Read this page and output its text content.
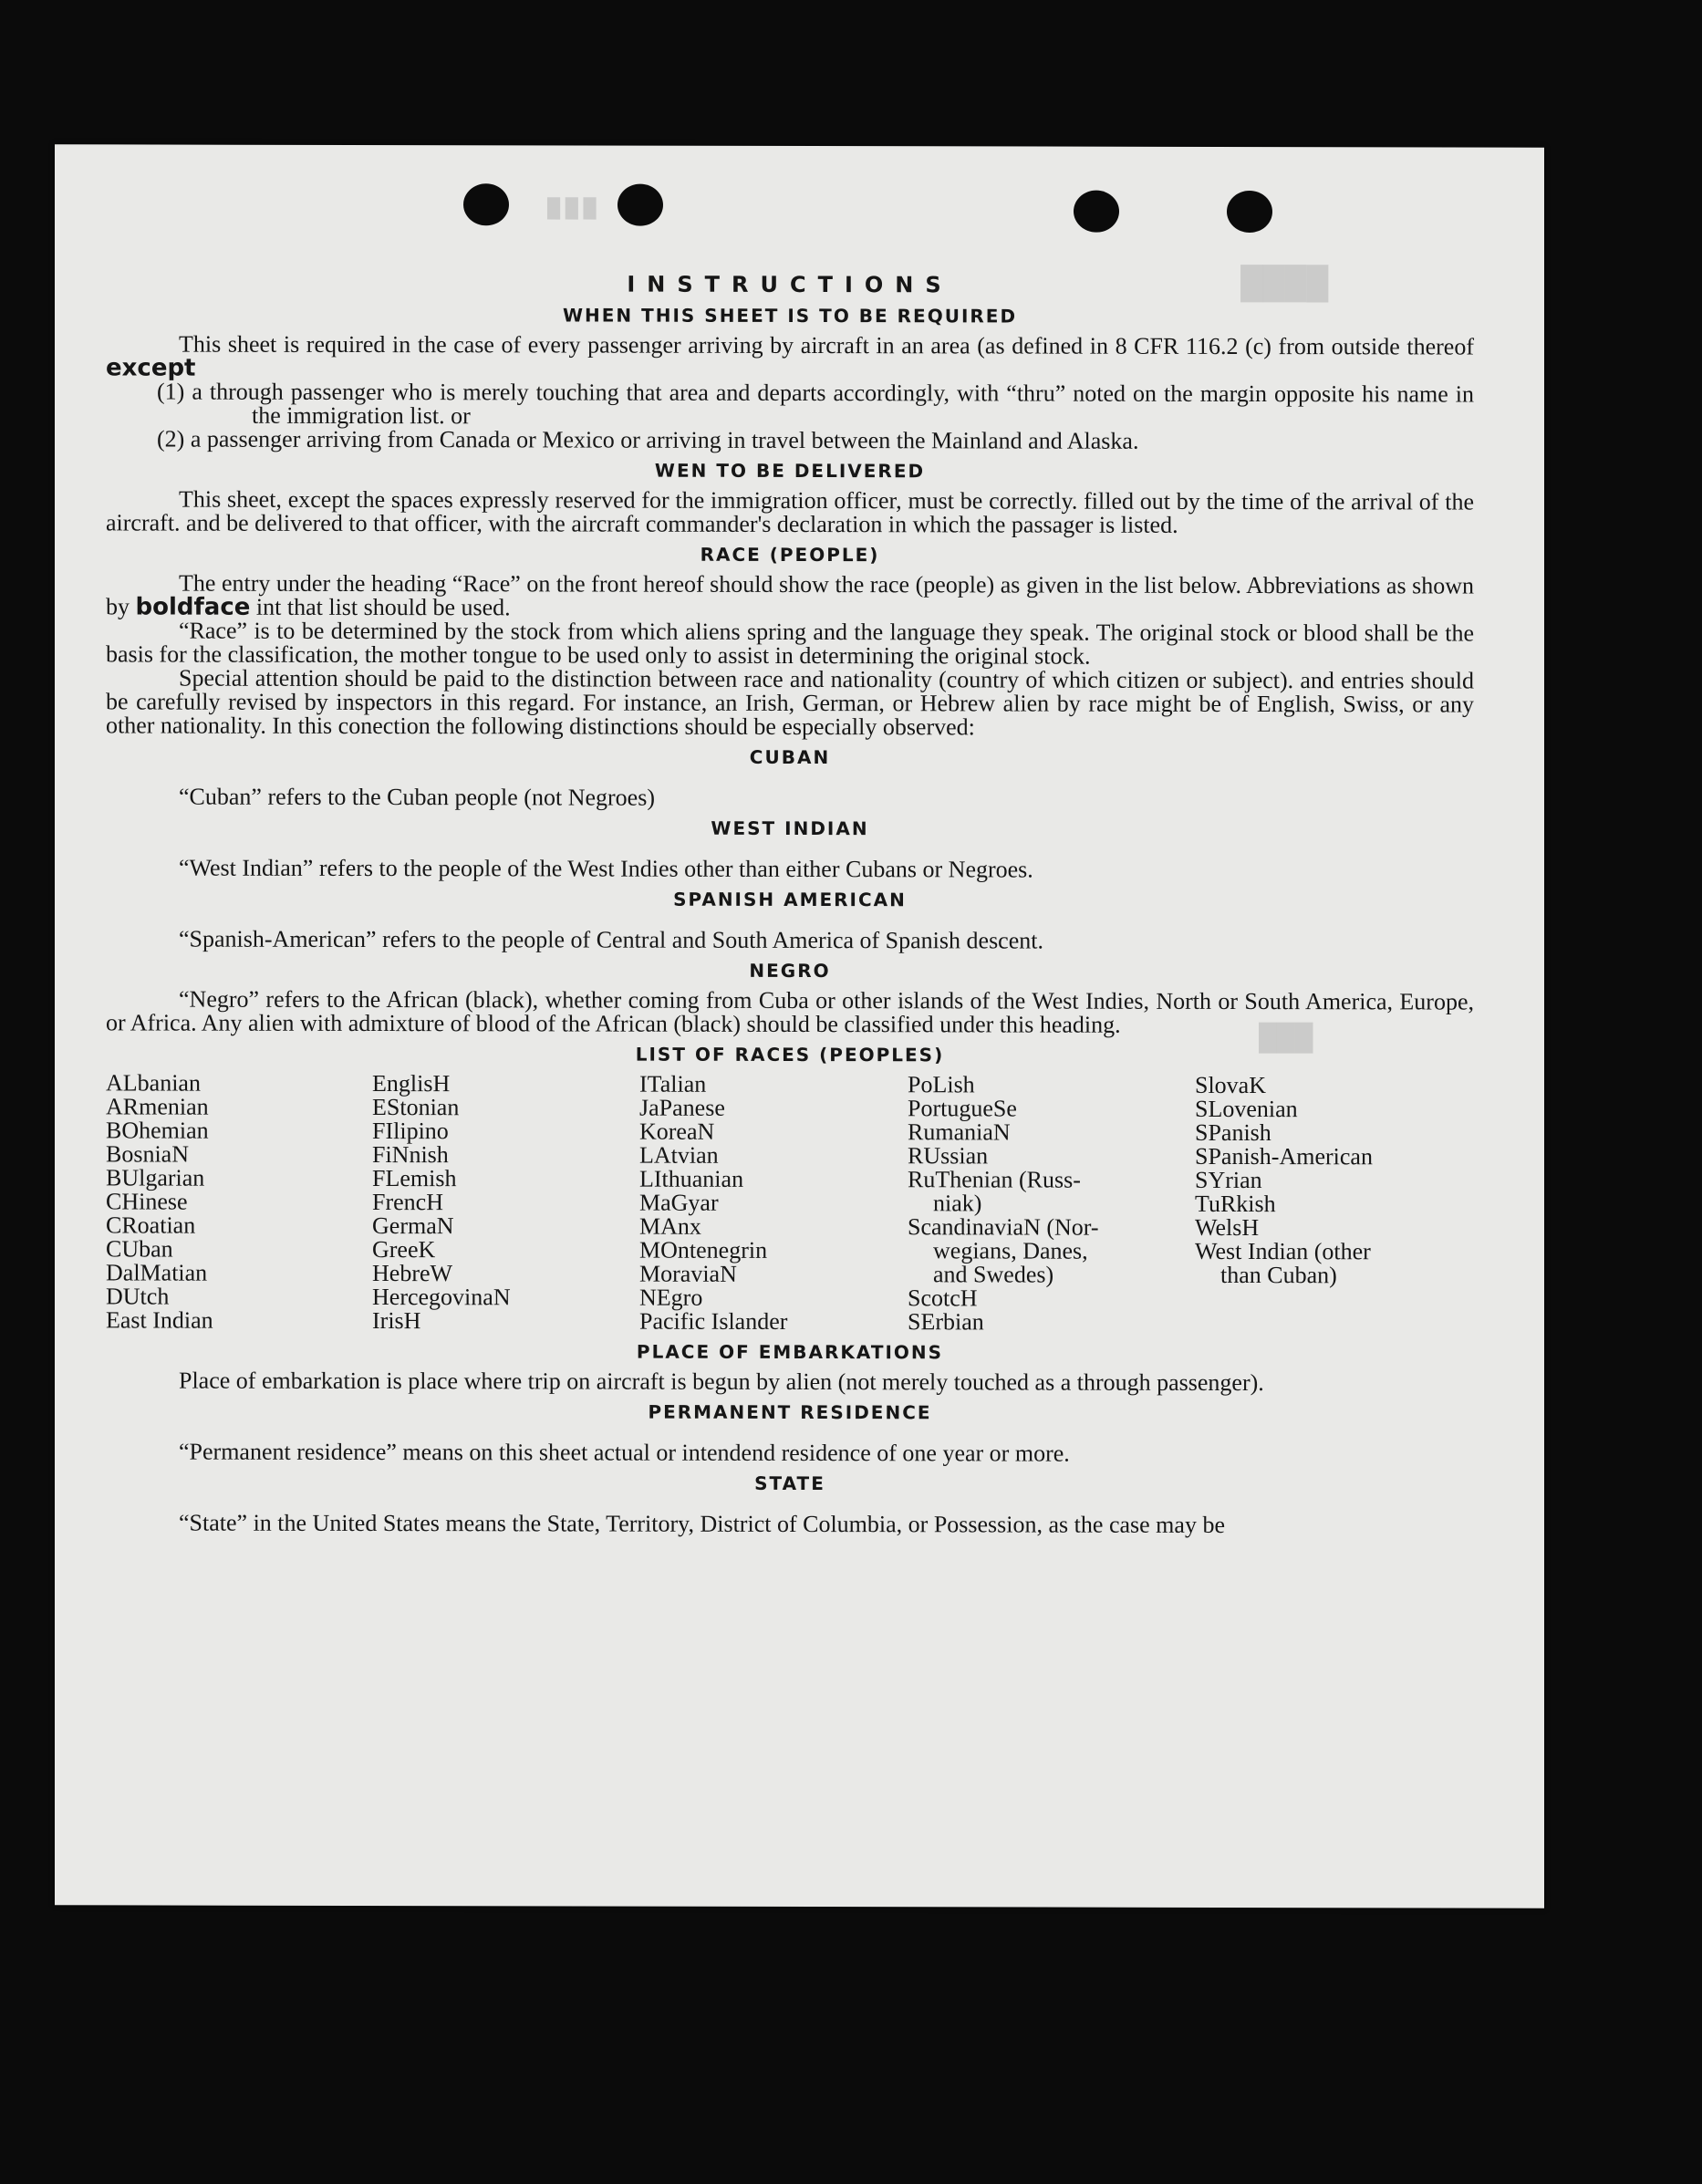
█ █ █
████
███
INSTRUCTIONS
WHEN THIS SHEET IS TO BE REQUIRED

This sheet is required in the case of every passenger arriving by aircraft in an area (as defined in 8 CFR 116.2 (c) from outside thereof except

(1) a through passenger who is merely touching that area and departs accordingly, with “thru” noted on the margin opposite his name in the immigration list. or

(2) a passenger arriving from Canada or Mexico or arriving in travel between the Mainland and Alaska.

WEN TO BE DELIVERED

This sheet, except the spaces expressly reserved for the immigration officer, must be correctly. filled out by the time of the arrival of the aircraft. and be delivered to that officer, with the aircraft commander's declaration in which the passager is listed.

RACE (PEOPLE)

The entry under the heading “Race” on the front hereof should show the race (people) as given in the list below. Abbreviations as shown by boldface int that list should be used.

“Race” is to be determined by the stock from which aliens spring and the language they speak. The original stock or blood shall be the basis for the classification, the mother tongue to be used only to assist in determining the original stock.

Special attention should be paid to the distinction between race and nationality (country of which citizen or subject). and entries should be carefully revised by inspectors in this regard. For instance, an Irish, German, or Hebrew alien by race might be of English, Swiss, or any other nationality. In this conection the following distinctions should be especially observed:

CUBAN

“Cuban” refers to the Cuban people (not Negroes)

WEST INDIAN

“West Indian” refers to the people of the West Indies other than either Cubans or Negroes.

SPANISH AMERICAN

“Spanish-American” refers to the people of Central and South America of Spanish descent.

NEGRO

“Negro” refers to the African (black), whether coming from Cuba or other islands of the West Indies, North or South America, Europe, or Africa. Any alien with admixture of blood of the African (black) should be classified under this heading.

LIST OF RACES (PEOPLES)
ALbanian
ARmenian
BOhemian
BosniaN
BUlgarian
CHinese
CRoatian
CUban
DalMatian
DUtch
East Indian
EnglisH
EStonian
FIlipino
FiNnish
FLemish
FrencH
GermaN
GreeK
HebreW
HercegovinaN
IrisH
ITalian
JaPanese
KoreaN
LAtvian
LIthuanian
MaGyar
MAnx
MOntenegrin
MoraviaN
NEgro
Pacific Islander
PoLish
PortugueSe
RumaniaN
RUssian
RuThenian (Russ-
niak)
ScandinaviaN (Nor-
wegians, Danes,
and Swedes)
ScotcH
SErbian
SlovaK
SLovenian
SPanish
SPanish-American
SYrian
TuRkish
WelsH
West Indian (other
than Cuban)
PLACE OF EMBARKATIONS

Place of embarkation is place where trip on aircraft is begun by alien (not merely touched as a through passenger).

PERMANENT RESIDENCE

“Permanent residence” means on this sheet actual or intendend residence of one year or more.

STATE

“State” in the United States means the State, Territory, District of Columbia, or Possession, as the case may be
